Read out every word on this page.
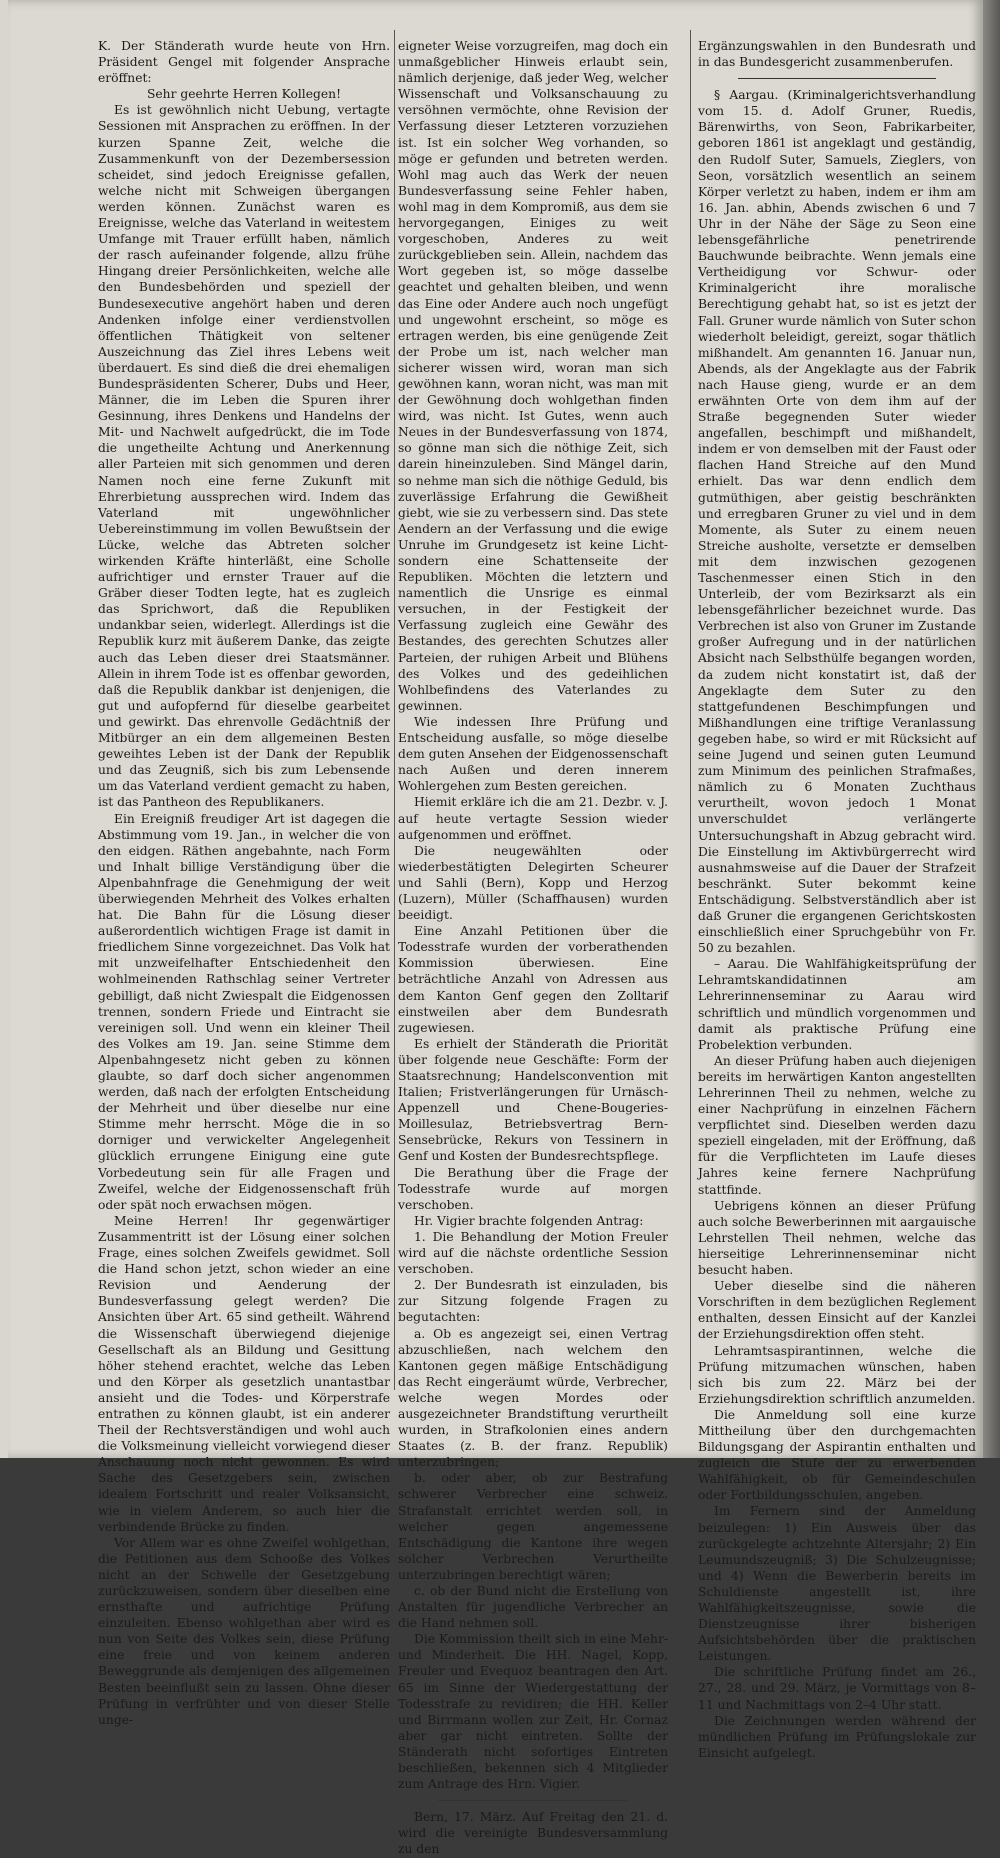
K. Der Ständerath wurde heute von Hrn. Präsident Gengel mit folgender Ansprache eröffnet:

Sehr geehrte Herren Kollegen!

Es ist gewöhnlich nicht Uebung, vertagte Sessionen mit Ansprachen zu eröffnen. In der kurzen Spanne Zeit, welche die Zusammenkunft von der Dezembersession scheidet, sind jedoch Ereignisse gefallen, welche nicht mit Schweigen übergangen werden können. Zunächst waren es Ereignisse, welche das Vaterland in weitestem Umfange mit Trauer erfüllt haben, nämlich der rasch aufeinander folgende, allzu frühe Hingang dreier Persönlichkeiten, welche alle den Bundesbehörden und speziell der Bundesexecutive angehört haben und deren Andenken infolge einer verdienstvollen öffentlichen Thätigkeit von seltener Auszeichnung das Ziel ihres Lebens weit überdauert. Es sind dieß die drei ehemaligen Bundespräsidenten Scherer, Dubs und Heer, Männer, die im Leben die Spuren ihrer Gesinnung, ihres Denkens und Handelns der Mit- und Nachwelt aufgedrückt, die im Tode die ungetheilte Achtung und Anerkennung aller Parteien mit sich genommen und deren Namen noch eine ferne Zukunft mit Ehrerbietung aussprechen wird. Indem das Vaterland mit ungewöhnlicher Uebereinstimmung im vollen Bewußtsein der Lücke, welche das Abtreten solcher wirkenden Kräfte hinterläßt, eine Scholle aufrichtiger und ernster Trauer auf die Gräber dieser Todten legte, hat es zugleich das Sprichwort, daß die Republiken undankbar seien, widerlegt. Allerdings ist die Republik kurz mit äußerem Danke, das zeigte auch das Leben dieser drei Staatsmänner. Allein in ihrem Tode ist es offenbar geworden, daß die Republik dankbar ist denjenigen, die gut und aufopfernd für dieselbe gearbeitet und gewirkt. Das ehrenvolle Gedächtniß der Mitbürger an ein dem allgemeinen Besten geweihtes Leben ist der Dank der Republik und das Zeugniß, sich bis zum Lebensende um das Vaterland verdient gemacht zu haben, ist das Pantheon des Republikaners.

Ein Ereigniß freudiger Art ist dagegen die Abstimmung vom 19. Jan., in welcher die von den eidgen. Räthen angebahnte, nach Form und Inhalt billige Verständigung über die Alpenbahnfrage die Genehmigung der weit überwiegenden Mehrheit des Volkes erhalten hat. Die Bahn für die Lösung dieser außerordentlich wichtigen Frage ist damit in friedlichem Sinne vorgezeichnet. Das Volk hat mit unzweifelhafter Entschiedenheit den wohlmeinenden Rathschlag seiner Vertreter gebilligt, daß nicht Zwiespalt die Eidgenossen trennen, sondern Friede und Eintracht sie vereinigen soll. Und wenn ein kleiner Theil des Volkes am 19. Jan. seine Stimme dem Alpenbahngesetz nicht geben zu können glaubte, so darf doch sicher angenommen werden, daß nach der erfolgten Entscheidung der Mehrheit und über dieselbe nur eine Stimme mehr herrscht. Möge die in so dorniger und verwickelter Angelegenheit glücklich errungene Einigung eine gute Vorbedeutung sein für alle Fragen und Zweifel, welche der Eidgenossenschaft früh oder spät noch erwachsen mögen.

Meine Herren! Ihr gegenwärtiger Zusammentritt ist der Lösung einer solchen Frage, eines solchen Zweifels gewidmet. Soll die Hand schon jetzt, schon wieder an eine Revision und Aenderung der Bundesverfassung gelegt werden? Die Ansichten über Art. 65 sind getheilt. Während die Wissenschaft überwiegend diejenige Gesellschaft als an Bildung und Gesittung höher stehend erachtet, welche das Leben und den Körper als gesetzlich unantastbar ansieht und die Todes- und Körperstrafe entrathen zu können glaubt, ist ein anderer Theil der Rechtsverständigen und wohl auch die Volksmeinung vielleicht vorwiegend dieser Anschauung noch nicht gewonnen. Es wird Sache des Gesetzgebers sein, zwischen idealem Fortschritt und realer Volksansicht, wie in vielem Anderem, so auch hier die verbindende Brücke zu finden.

Vor Allem war es ohne Zweifel wohlgethan, die Petitionen aus dem Schooße des Volkes nicht an der Schwelle der Gesetzgebung zurückzuweisen, sondern über dieselben eine ernsthafte und aufrichtige Prüfung einzuleiten. Ebenso wohlgethan aber wird es nun von Seite des Volkes sein, diese Prüfung eine freie und von keinem anderen Beweggrunde als demjenigen des allgemeinen Besten beeinflußt sein zu lassen. Ohne dieser Prüfung in verfrühter und von dieser Stelle unge-

eigneter Weise vorzugreifen, mag doch ein unmaßgeblicher Hinweis erlaubt sein, nämlich derjenige, daß jeder Weg, welcher Wissenschaft und Volksanschauung zu versöhnen vermöchte, ohne Revision der Verfassung dieser Letzteren vorzuziehen ist. Ist ein solcher Weg vorhanden, so möge er gefunden und betreten werden. Wohl mag auch das Werk der neuen Bundesverfassung seine Fehler haben, wohl mag in dem Kompromiß, aus dem sie hervorgegangen, Einiges zu weit vorgeschoben, Anderes zu weit zurückgeblieben sein. Allein, nachdem das Wort gegeben ist, so möge dasselbe geachtet und gehalten bleiben, und wenn das Eine oder Andere auch noch ungefügt und ungewohnt erscheint, so möge es ertragen werden, bis eine genügende Zeit der Probe um ist, nach welcher man sicherer wissen wird, woran man sich gewöhnen kann, woran nicht, was man mit der Gewöhnung doch wohlgethan finden wird, was nicht. Ist Gutes, wenn auch Neues in der Bundesverfassung von 1874, so gönne man sich die nöthige Zeit, sich darein hineinzuleben. Sind Mängel darin, so nehme man sich die nöthige Geduld, bis zuverlässige Erfahrung die Gewißheit giebt, wie sie zu verbessern sind. Das stete Aendern an der Verfassung und die ewige Unruhe im Grundgesetz ist keine Licht- sondern eine Schattenseite der Republiken. Möchten die letztern und namentlich die Unsrige es einmal versuchen, in der Festigkeit der Verfassung zugleich eine Gewähr des Bestandes, des gerechten Schutzes aller Parteien, der ruhigen Arbeit und Blühens des Volkes und des gedeihlichen Wohlbefindens des Vaterlandes zu gewinnen.

Wie indessen Ihre Prüfung und Entscheidung ausfalle, so möge dieselbe dem guten Ansehen der Eidgenossenschaft nach Außen und deren innerem Wohlergehen zum Besten gereichen.

Hiemit erkläre ich die am 21. Dezbr. v. J. auf heute vertagte Session wieder aufgenommen und eröffnet.

Die neugewählten oder wiederbestätigten Delegirten Scheurer und Sahli (Bern), Kopp und Herzog (Luzern), Müller (Schaffhausen) wurden beeidigt.

Eine Anzahl Petitionen über die Todesstrafe wurden der vorberathenden Kommission überwiesen. Eine beträchtliche Anzahl von Adressen aus dem Kanton Genf gegen den Zolltarif einstweilen aber dem Bundesrath zugewiesen.

Es erhielt der Ständerath die Priorität über folgende neue Geschäfte: Form der Staatsrechnung; Handelsconvention mit Italien; Fristverlängerungen für Urnäsch-Appenzell und Chene-Bougeries-Moillesulaz, Betriebsvertrag Bern-Sensebrücke, Rekurs von Tessinern in Genf und Kosten der Bundesrechtspflege.

Die Berathung über die Frage der Todesstrafe wurde auf morgen verschoben.

Hr. Vigier brachte folgenden Antrag:

1. Die Behandlung der Motion Freuler wird auf die nächste ordentliche Session verschoben.

2. Der Bundesrath ist einzuladen, bis zur Sitzung folgende Fragen zu begutachten:

a. Ob es angezeigt sei, einen Vertrag abzuschließen, nach welchem den Kantonen gegen mäßige Entschädigung das Recht eingeräumt würde, Verbrecher, welche wegen Mordes oder ausgezeichneter Brandstiftung verurtheilt wurden, in Strafkolonien eines andern Staates (z. B. der franz. Republik) unterzubringen;

b. oder aber, ob zur Bestrafung schwerer Verbrecher eine schweiz. Strafanstalt errichtet werden soll, in welcher gegen angemessene Entschädigung die Kantone ihre wegen solcher Verbrechen Verurtheilte unterzubringen berechtigt wären;

c. ob der Bund nicht die Erstellung von Anstalten für jugendliche Verbrecher an die Hand nehmen soll.

Die Kommission theilt sich in eine Mehr- und Minderheit. Die HH. Nagel, Kopp, Freuler und Evequoz beantragen den Art. 65 im Sinne der Wiedergestattung der Todesstrafe zu revidiren; die HH. Keller und Birrmann wollen zur Zeit, Hr. Cornaz aber gar nicht eintreten. Sollte der Ständerath nicht sofortiges Eintreten beschließen, bekennen sich 4 Mitglieder zum Antrage des Hrn. Vigier.

Bern, 17. März. Auf Freitag den 21. d. wird die vereinigte Bundesversammlung zu den

Ergänzungswahlen in den Bundesrath und in das Bundesgericht zusammenberufen.

§ Aargau. (Kriminalgerichtsverhandlung vom 15. d. Adolf Gruner, Ruedis, Bärenwirths, von Seon, Fabrikarbeiter, geboren 1861 ist angeklagt und geständig, den Rudolf Suter, Samuels, Zieglers, von Seon, vorsätzlich wesentlich an seinem Körper verletzt zu haben, indem er ihm am 16. Jan. abhin, Abends zwischen 6 und 7 Uhr in der Nähe der Säge zu Seon eine lebensgefährliche penetrirende Bauchwunde beibrachte. Wenn jemals eine Vertheidigung vor Schwur- oder Kriminalgericht ihre moralische Berechtigung gehabt hat, so ist es jetzt der Fall. Gruner wurde nämlich von Suter schon wiederholt beleidigt, gereizt, sogar thätlich mißhandelt. Am genannten 16. Januar nun, Abends, als der Angeklagte aus der Fabrik nach Hause gieng, wurde er an dem erwähnten Orte von dem ihm auf der Straße begegnenden Suter wieder angefallen, beschimpft und mißhandelt, indem er von demselben mit der Faust oder flachen Hand Streiche auf den Mund erhielt. Das war denn endlich dem gutmüthigen, aber geistig beschränkten und erregbaren Gruner zu viel und in dem Momente, als Suter zu einem neuen Streiche ausholte, versetzte er demselben mit dem inzwischen gezogenen Taschenmesser einen Stich in den Unterleib, der vom Bezirksarzt als ein lebensgefährlicher bezeichnet wurde. Das Verbrechen ist also von Gruner im Zustande großer Aufregung und in der natürlichen Absicht nach Selbsthülfe begangen worden, da zudem nicht konstatirt ist, daß der Angeklagte dem Suter zu den stattgefundenen Beschimpfungen und Mißhandlungen eine triftige Veranlassung gegeben habe, so wird er mit Rücksicht auf seine Jugend und seinen guten Leumund zum Minimum des peinlichen Strafmaßes, nämlich zu 6 Monaten Zuchthaus verurtheilt, wovon jedoch 1 Monat unverschuldet verlängerte Untersuchungshaft in Abzug gebracht wird. Die Einstellung im Aktivbürgerrecht wird ausnahmsweise auf die Dauer der Strafzeit beschränkt. Suter bekommt keine Entschädigung. Selbstverständlich aber ist daß Gruner die ergangenen Gerichtskosten einschließlich einer Spruchgebühr von Fr. 50 zu bezahlen.

– Aarau. Die Wahlfähigkeitsprüfung der Lehramtskandidatinnen am Lehrerinnenseminar zu Aarau wird schriftlich und mündlich vorgenommen und damit als praktische Prüfung eine Probelektion verbunden.

An dieser Prüfung haben auch diejenigen bereits im herwärtigen Kanton angestellten Lehrerinnen Theil zu nehmen, welche zu einer Nachprüfung in einzelnen Fächern verpflichtet sind. Dieselben werden dazu speziell eingeladen, mit der Eröffnung, daß für die Verpflichteten im Laufe dieses Jahres keine fernere Nachprüfung stattfinde.

Uebrigens können an dieser Prüfung auch solche Bewerberinnen mit aargauische Lehrstellen Theil nehmen, welche das hierseitige Lehrerinnenseminar nicht besucht haben.

Ueber dieselbe sind die näheren Vorschriften in dem bezüglichen Reglement enthalten, dessen Einsicht auf der Kanzlei der Erziehungsdirektion offen steht.

Lehramtsaspirantinnen, welche die Prüfung mitzumachen wünschen, haben sich bis zum 22. März bei der Erziehungsdirektion schriftlich anzumelden.

Die Anmeldung soll eine kurze Mittheilung über den durchgemachten Bildungsgang der Aspirantin enthalten und zugleich die Stufe der zu erwerbenden Wahlfähigkeit, ob für Gemeindeschulen oder Fortbildungsschulen, angeben.

Im Fernern sind der Anmeldung beizulegen: 1) Ein Ausweis über das zurückgelegte achtzehnte Altersjahr; 2) Ein Leumundszeugniß; 3) Die Schulzeugnisse; und 4) Wenn die Bewerberin bereits im Schuldienste angestellt ist, ihre Wahlfähigkeitszeugnisse, sowie die Dienstzeugnisse ihrer bisherigen Aufsichtsbehörden über die praktischen Leistungen.

Die schriftliche Prüfung findet am 26., 27., 28. und 29. März, je Vormittags von 8–11 und Nachmittags von 2–4 Uhr statt.

Die Zeichnungen werden während der mündlichen Prüfung im Prüfungslokale zur Einsicht aufgelegt.
